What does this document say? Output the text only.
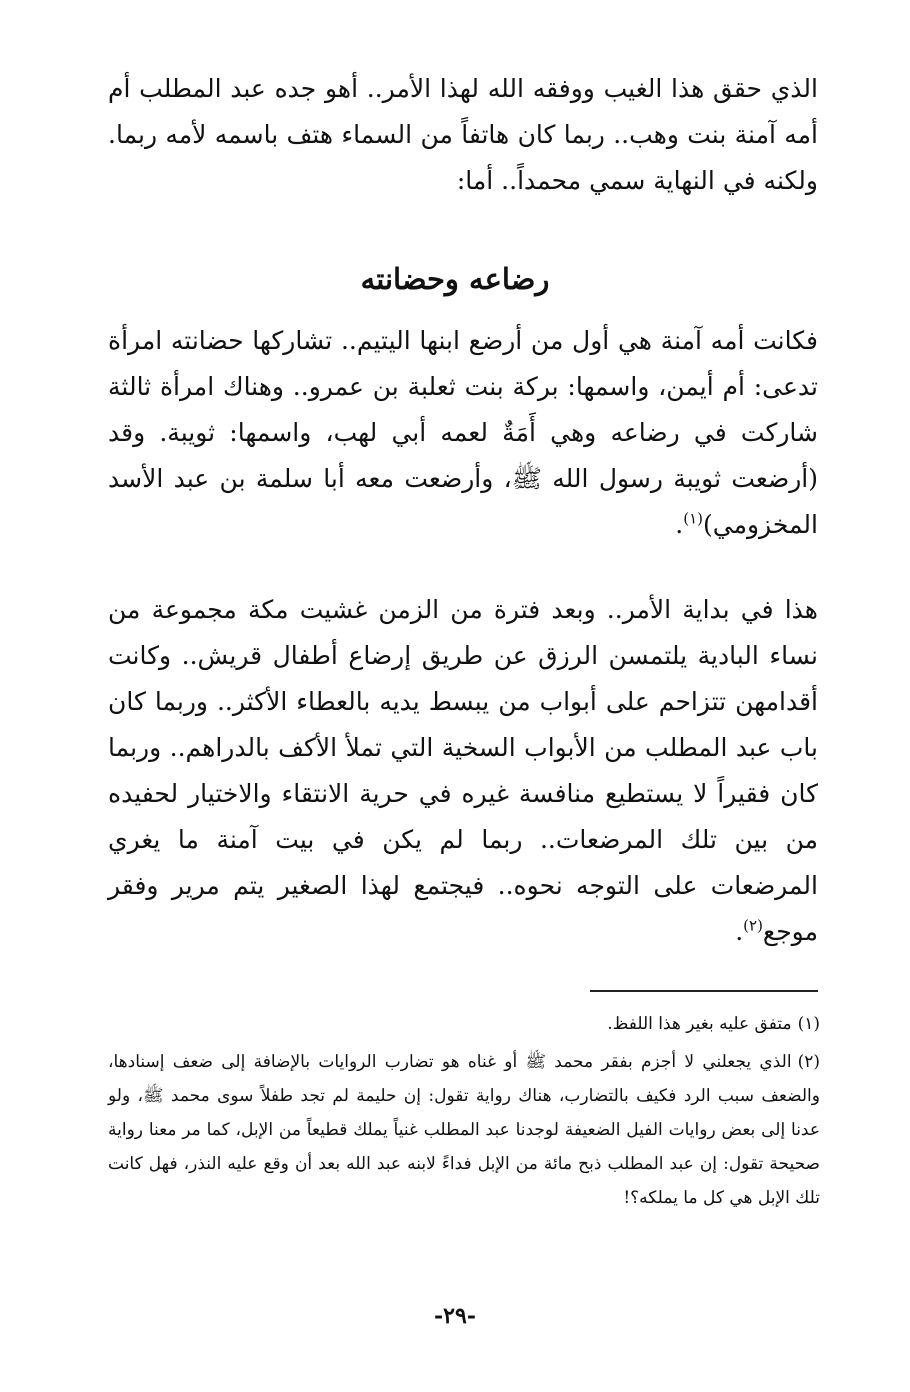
الذي حقق هذا الغيب ووفقه الله لهذا الأمر.. أهو جده عبد المطلب أم أمه آمنة بنت وهب.. ربما كان هاتفاً من السماء هتف باسمه لأمه ربما. ولكنه في النهاية سمي محمداً.. أما:

رضاعه وحضانته

فكانت أمه آمنة هي أول من أرضع ابنها اليتيم.. تشاركها حضانته امرأة تدعى: أم أيمن، واسمها: بركة بنت ثعلبة بن عمرو.. وهناك امرأة ثالثة شاركت في رضاعه وهي أَمَةٌ لعمه أبي لهب، واسمها: ثويبة. وقد (أرضعت ثويبة رسول الله ﷺ، وأرضعت معه أبا سلمة بن عبد الأسد المخزومي)$^{(١)}$.

هذا في بداية الأمر.. وبعد فترة من الزمن غشيت مكة مجموعة من نساء البادية يلتمسن الرزق عن طريق إرضاع أطفال قريش.. وكانت أقدامهن تتزاحم على أبواب من يبسط يديه بالعطاء الأكثر.. وربما كان باب عبد المطلب من الأبواب السخية التي تملأ الأكف بالدراهم.. وربما كان فقيراً لا يستطيع منافسة غيره في حرية الانتقاء والاختيار لحفيده من بين تلك المرضعات.. ربما لم يكن في بيت آمنة ما يغري المرضعات على التوجه نحوه.. فيجتمع لهذا الصغير يتم مرير وفقر موجع$^{(٢)}$.

(١)متفق عليه بغير هذا اللفظ.

(٢)الذي يجعلني لا أجزم بفقر محمد ﷺ أو غناه هو تضارب الروايات بالإضافة إلى ضعف إسنادها، والضعف سبب الرد فكيف بالتضارب، هناك رواية تقول: إن حليمة لم تجد طفلاً سوى محمد ﷺ، ولو عدنا إلى بعض روايات الفيل الضعيفة لوجدنا عبد المطلب غنياً يملك قطيعاً من الإبل، كما مر معنا رواية صحيحة تقول: إن عبد المطلب ذبح مائة من الإبل فداءً لابنه عبد الله بعد أن وقع عليه النذر، فهل كانت تلك الإبل هي كل ما يملكه؟!

-٢٩-
